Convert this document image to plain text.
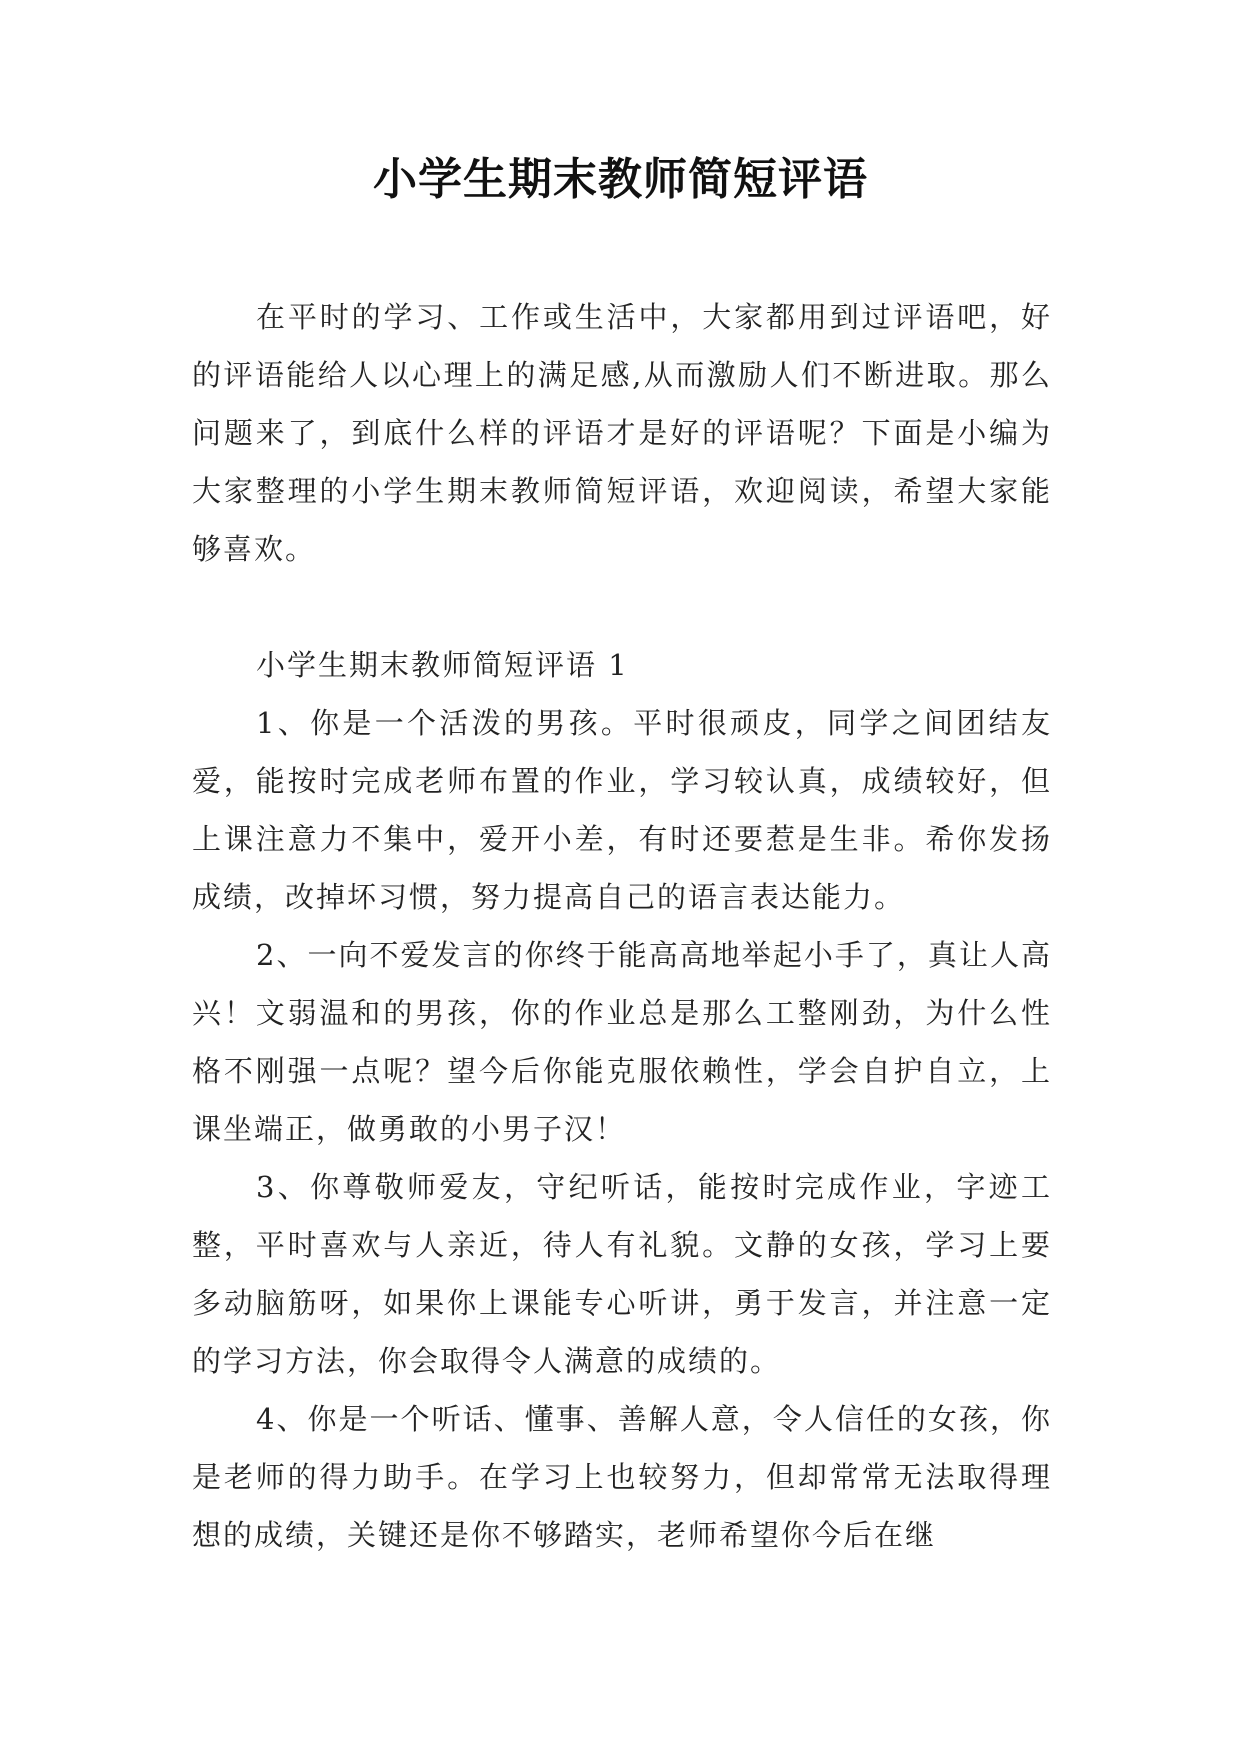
小学生期末教师简短评语

在平时的学习、工作或生活中，大家都用到过评语吧，好的评语能给人以心理上的满足感,从而激励人们不断进取。那么问题来了，到底什么样的评语才是好的评语呢？下面是小编为大家整理的小学生期末教师简短评语，欢迎阅读，希望大家能够喜欢。

小学生期末教师简短评语 1

1、你是一个活泼的男孩。平时很顽皮，同学之间团结友爱，能按时完成老师布置的作业，学习较认真，成绩较好，但上课注意力不集中，爱开小差，有时还要惹是生非。希你发扬成绩，改掉坏习惯，努力提高自己的语言表达能力。

2、一向不爱发言的你终于能高高地举起小手了，真让人高兴！文弱温和的男孩，你的作业总是那么工整刚劲，为什么性格不刚强一点呢？望今后你能克服依赖性，学会自护自立，上课坐端正，做勇敢的小男子汉！

3、你尊敬师爱友，守纪听话，能按时完成作业，字迹工整，平时喜欢与人亲近，待人有礼貌。文静的女孩，学习上要多动脑筋呀，如果你上课能专心听讲，勇于发言，并注意一定的学习方法，你会取得令人满意的成绩的。

4、你是一个听话、懂事、善解人意，令人信任的女孩，你是老师的得力助手。在学习上也较努力，但却常常无法取得理想的成绩，关键还是你不够踏实，老师希望你今后在继
